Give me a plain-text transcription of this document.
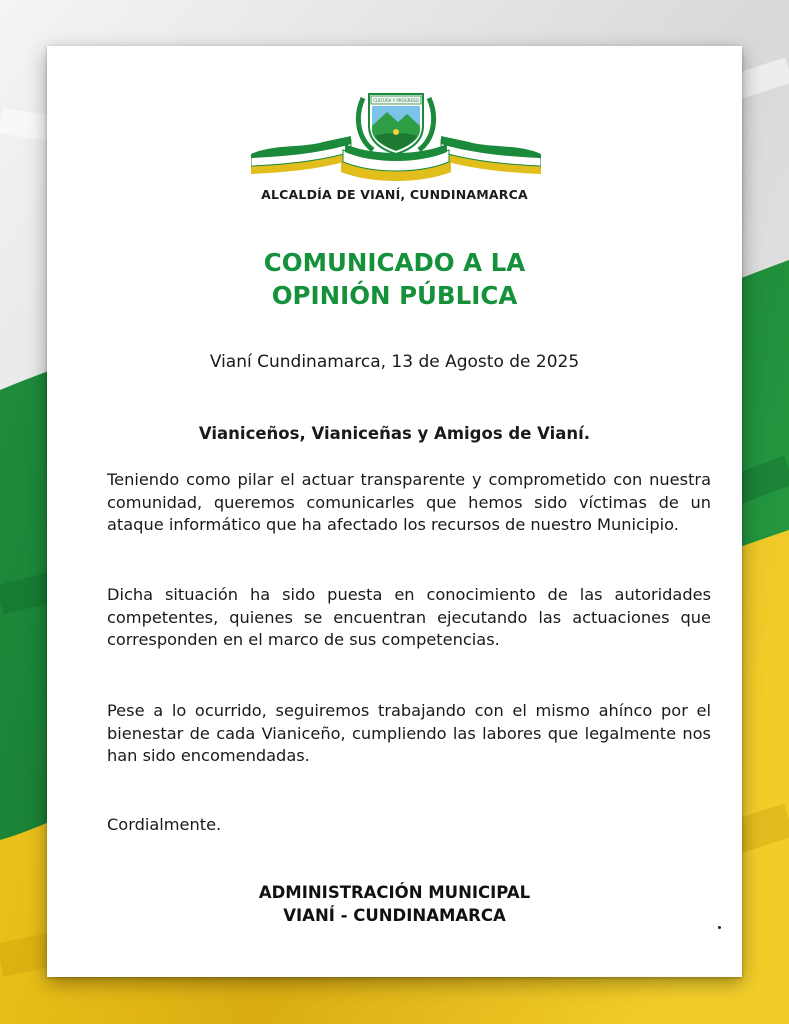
CULTURA Y PROGRESO
ALCALDÍA DE VIANÍ, CUNDINAMARCA
COMUNICADO A LA
OPINIÓN PÚBLICA
Vianí Cundinamarca, 13 de Agosto de 2025
Vianiceños, Vianiceñas y Amigos de Vianí.

Teniendo como pilar el actuar transparente y comprometido con nuestra comunidad, queremos comunicarles que hemos sido víctimas de un ataque informático que ha afectado los recursos de nuestro Municipio.

Dicha situación ha sido puesta en conocimiento de las autoridades competentes, quienes se encuentran ejecutando las actuaciones que corresponden en el marco de sus competencias.

Pese a lo ocurrido, seguiremos trabajando con el mismo ahínco por el bienestar de cada Vianiceño, cumpliendo las labores que legalmente nos han sido encomendadas.

Cordialmente.
ADMINISTRACIÓN MUNICIPAL
VIANÍ - CUNDINAMARCA
